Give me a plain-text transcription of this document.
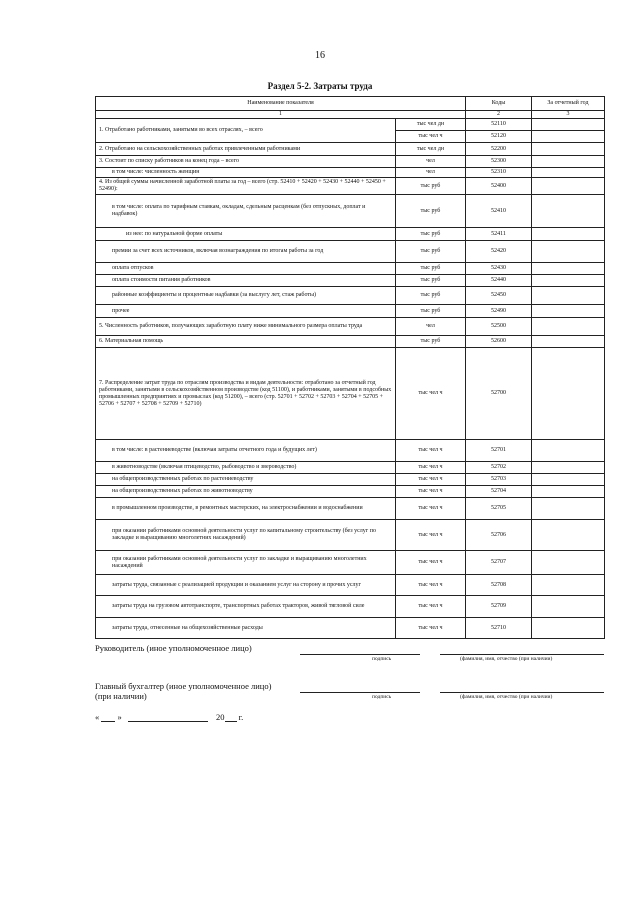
16
Раздел 5-2. Затраты труда
Наименование показателя		Коды	За отчетный год
1		2	3
1. Отработано работниками, занятыми во всех отраслях, – всего	тыс чел дн	52110	
	тыс чел ч	52120	
2. Отработано на сельскохозяйственных работах привлеченными работниками	тыс чел дн	52200	
3. Состоит по списку работников на конец года – всего	чел	52300	
в том числе: численность женщин	чел	52310	
4. Из общей суммы начисленной заработной платы за год – всего (стр. 52410 + 52420 + 52430 + 52440 + 52450 + 52490):	тыс руб	52400	
в том числе: оплата по тарифным ставкам, окладам, сдельным расценкам (без отпускных, доплат и надбавок)	тыс руб	52410	
из нее: по натуральной форме оплаты	тыс руб	52411	
премии за счет всех источников, включая вознаграждения по итогам работы за год	тыс руб	52420	
оплата отпусков	тыс руб	52430	
оплата стоимости питания работников	тыс руб	52440	
районные коэффициенты и процентные надбавки (за выслугу лет, стаж работы)	тыс руб	52450	
прочее	тыс руб	52490	
5. Численность работников, получающих заработную плату ниже минимального размера оплаты труда	чел	52500	
6. Материальная помощь	тыс руб	52600	
7. Распределение затрат труда по отраслям производства и видам деятельности: отработано за отчетный год работниками, занятыми в сельскохозяйственном производстве (код 51100), и работниками, занятыми в подсобных промышленных предприятиях и промыслах (код 51200), – всего (стр. 52701 + 52702 + 52703 + 52704 + 52705 + 52706 + 52707 + 52708 + 52709 + 52710)	тыс чел ч	52700	
в том числе: в растениеводстве (включая затраты отчетного года и будущих лет)	тыс чел ч	52701	
в животноводстве (включая птицеводство, рыбоводство и звероводство)	тыс чел ч	52702	
на общепроизводственных работах по растениеводству	тыс чел ч	52703	
на общепроизводственных работах по животноводству	тыс чел ч	52704	
в промышленном производстве, в ремонтных мастерских, на электроснабжении и водоснабжении	тыс чел ч	52705	
при оказании работниками основной деятельности услуг по капитальному строительству (без услуг по закладке и выращиванию многолетних насаждений)	тыс чел ч	52706	
при оказании работниками основной деятельности услуг по закладке и выращиванию многолетних насаждений	тыс чел ч	52707	
затраты труда, связанные с реализацией продукции и оказанием услуг на сторону и прочих услуг	тыс чел ч	52708	
затраты труда на грузовом автотранспорте, транспортных работах тракторов, живой тягловой силе	тыс чел ч	52709	
затраты труда, отнесенные на общехозяйственные расходы	тыс чел ч	52710	
Руководитель (иное уполномоченное лицо)
подпись	(фамилия, имя, отчество (при наличии)
Главный бухгалтер (иное уполномоченное лицо)
(при наличии)	подпись	(фамилия, имя, отчество (при наличии)
« »	20 г.
